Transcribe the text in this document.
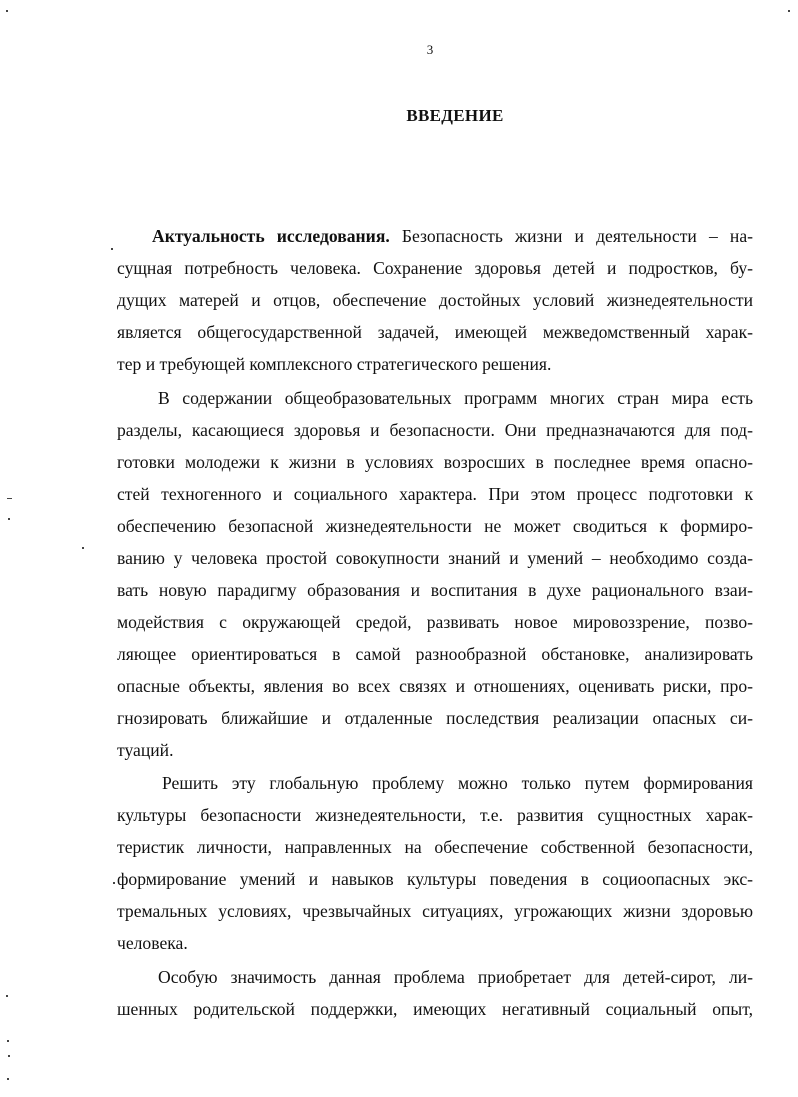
3
ВВЕДЕНИЕ
Актуальность исследования. Безопасность жизни и деятельности – на-
сущная потребность человека. Сохранение здоровья детей и подростков, бу-
дущих матерей и отцов, обеспечение достойных условий жизнедеятельности
является общегосударственной задачей, имеющей межведомственный харак-
тер и требующей комплексного стратегического решения.
В содержании общеобразовательных программ многих стран мира есть
разделы, касающиеся здоровья и безопасности. Они предназначаются для под-
готовки молодежи к жизни в условиях возросших в последнее время опасно-
стей техногенного и социального характера. При этом процесс подготовки к
обеспечению безопасной жизнедеятельности не может сводиться к формиро-
ванию у человека простой совокупности знаний и умений – необходимо созда-
вать новую парадигму образования и воспитания в духе рационального взаи-
модействия с окружающей средой, развивать новое мировоззрение, позво-
ляющее ориентироваться в самой разнообразной обстановке, анализировать
опасные объекты, явления во всех связях и отношениях, оценивать риски, про-
гнозировать ближайшие и отдаленные последствия реализации опасных си-
туаций.
Решить эту глобальную проблему можно только путем формирования
культуры безопасности жизнедеятельности, т.е. развития сущностных харак-
теристик личности, направленных на обеспечение собственной безопасности,
формирование умений и навыков культуры поведения в социоопасных экс-
тремальных условиях, чрезвычайных ситуациях, угрожающих жизни здоровью
человека.
Особую значимость данная проблема приобретает для детей-сирот, ли-
шенных родительской поддержки, имеющих негативный социальный опыт,
